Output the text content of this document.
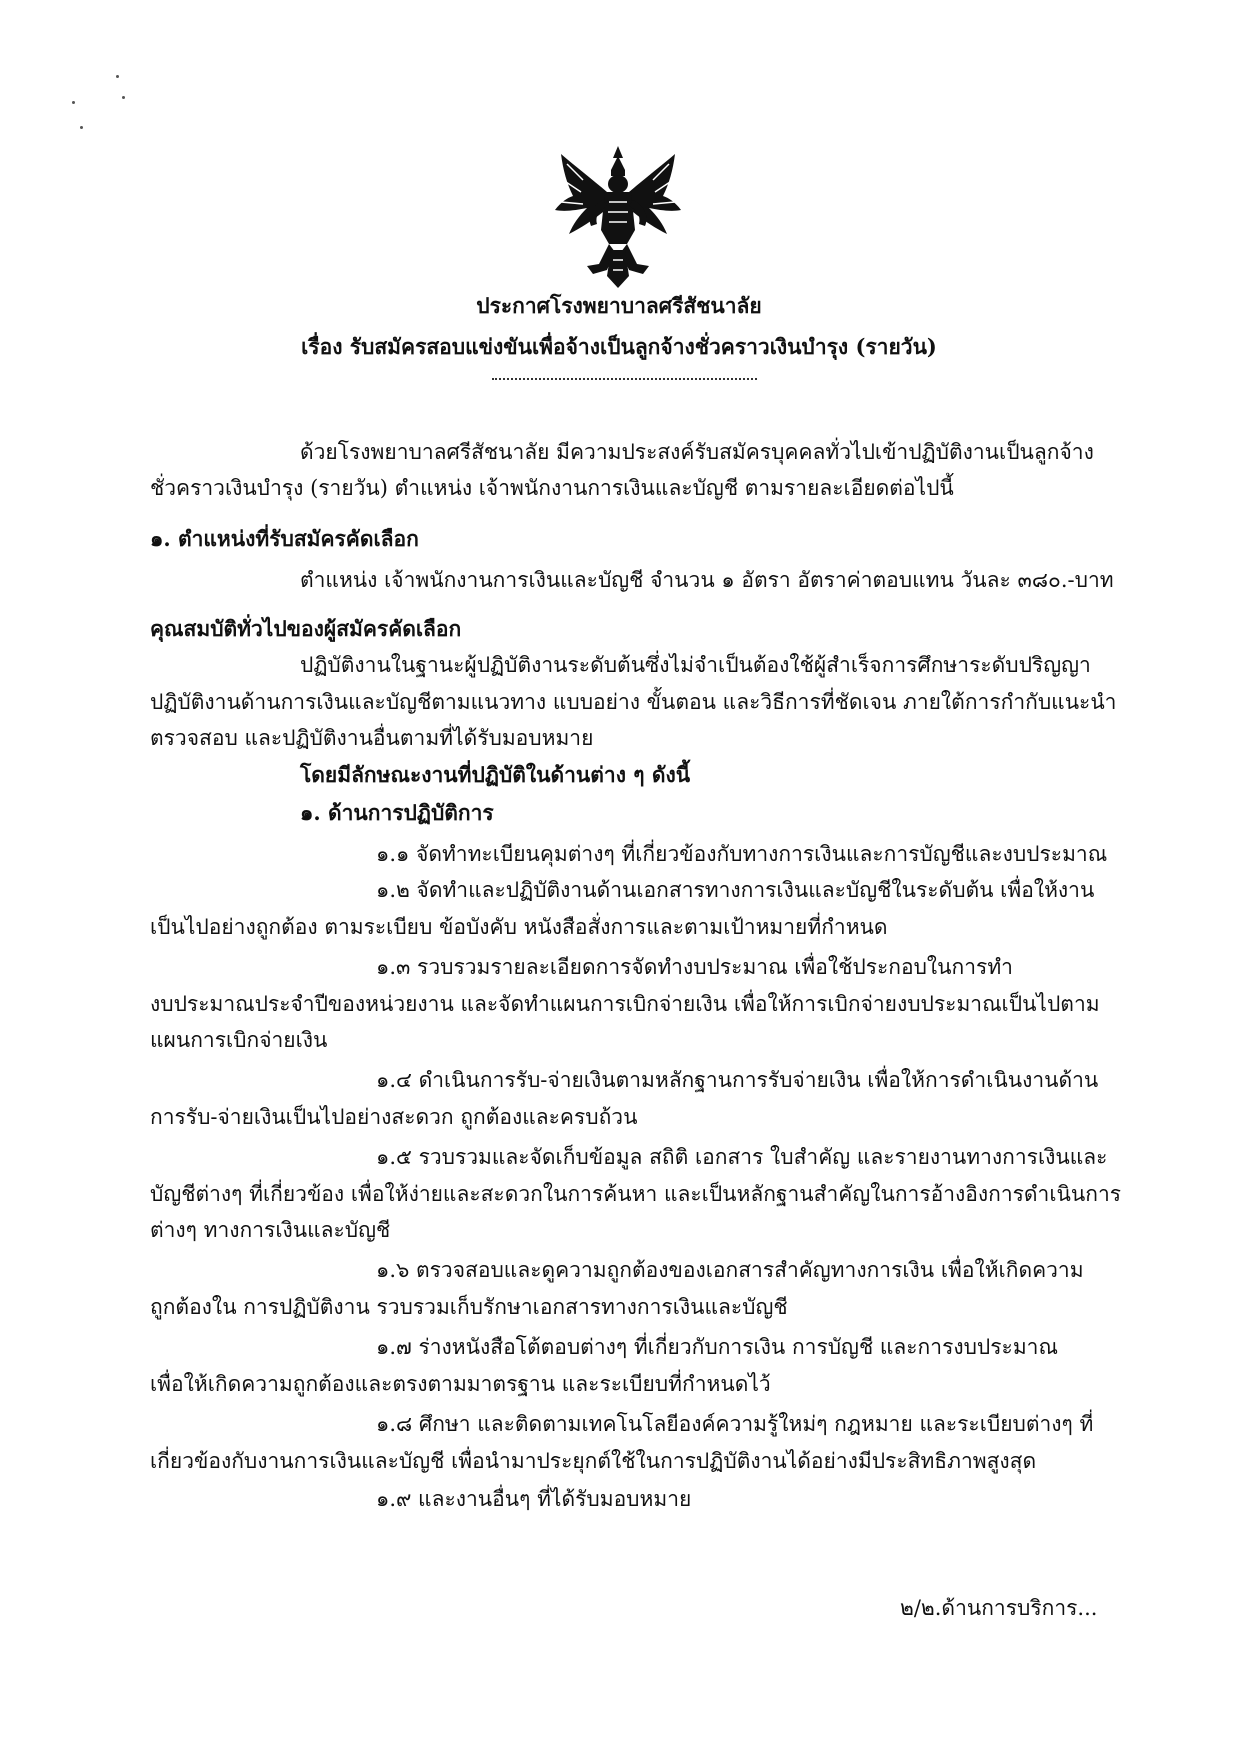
ประกาศโรงพยาบาลศรีสัชนาลัย
เรื่อง รับสมัครสอบแข่งขันเพื่อจ้างเป็นลูกจ้างชั่วคราวเงินบำรุง (รายวัน)
ด้วยโรงพยาบาลศรีสัชนาลัย มีความประสงค์รับสมัครบุคคลทั่วไปเข้าปฏิบัติงานเป็นลูกจ้าง
ชั่วคราวเงินบำรุง (รายวัน) ตำแหน่ง เจ้าพนักงานการเงินและบัญชี ตามรายละเอียดต่อไปนี้
๑. ตำแหน่งที่รับสมัครคัดเลือก
ตำแหน่ง เจ้าพนักงานการเงินและบัญชี จำนวน ๑ อัตรา อัตราค่าตอบแทน วันละ ๓๘๐.-บาท
คุณสมบัติทั่วไปของผู้สมัครคัดเลือก
ปฏิบัติงานในฐานะผู้ปฏิบัติงานระดับต้นซึ่งไม่จำเป็นต้องใช้ผู้สำเร็จการศึกษาระดับปริญญา
ปฏิบัติงานด้านการเงินและบัญชีตามแนวทาง แบบอย่าง ขั้นตอน และวิธีการที่ชัดเจน ภายใต้การกำกับแนะนำ
ตรวจสอบ และปฏิบัติงานอื่นตามที่ได้รับมอบหมาย
โดยมีลักษณะงานที่ปฏิบัติในด้านต่าง ๆ ดังนี้
๑. ด้านการปฏิบัติการ
๑.๑ จัดทำทะเบียนคุมต่างๆ ที่เกี่ยวข้องกับทางการเงินและการบัญชีและงบประมาณ
๑.๒ จัดทำและปฏิบัติงานด้านเอกสารทางการเงินและบัญชีในระดับต้น เพื่อให้งาน
เป็นไปอย่างถูกต้อง ตามระเบียบ ข้อบังคับ หนังสือสั่งการและตามเป้าหมายที่กำหนด
๑.๓ รวบรวมรายละเอียดการจัดทำงบประมาณ เพื่อใช้ประกอบในการทำ
งบประมาณประจำปีของหน่วยงาน และจัดทำแผนการเบิกจ่ายเงิน เพื่อให้การเบิกจ่ายงบประมาณเป็นไปตาม
แผนการเบิกจ่ายเงิน
๑.๔ ดำเนินการรับ-จ่ายเงินตามหลักฐานการรับจ่ายเงิน เพื่อให้การดำเนินงานด้าน
การรับ-จ่ายเงินเป็นไปอย่างสะดวก ถูกต้องและครบถ้วน
๑.๕ รวบรวมและจัดเก็บข้อมูล สถิติ เอกสาร ใบสำคัญ และรายงานทางการเงินและ
บัญชีต่างๆ ที่เกี่ยวข้อง เพื่อให้ง่ายและสะดวกในการค้นหา และเป็นหลักฐานสำคัญในการอ้างอิงการดำเนินการ
ต่างๆ ทางการเงินและบัญชี
๑.๖ ตรวจสอบและดูความถูกต้องของเอกสารสำคัญทางการเงิน เพื่อให้เกิดความ
ถูกต้องใน การปฏิบัติงาน รวบรวมเก็บรักษาเอกสารทางการเงินและบัญชี
๑.๗ ร่างหนังสือโต้ตอบต่างๆ ที่เกี่ยวกับการเงิน การบัญชี และการงบประมาณ
เพื่อให้เกิดความถูกต้องและตรงตามมาตรฐาน และระเบียบที่กำหนดไว้
๑.๘ ศึกษา และติดตามเทคโนโลยีองค์ความรู้ใหม่ๆ กฎหมาย และระเบียบต่างๆ ที่
เกี่ยวข้องกับงานการเงินและบัญชี เพื่อนำมาประยุกต์ใช้ในการปฏิบัติงานได้อย่างมีประสิทธิภาพสูงสุด
๑.๙ และงานอื่นๆ ที่ได้รับมอบหมาย
๒/๒.ด้านการบริการ...
